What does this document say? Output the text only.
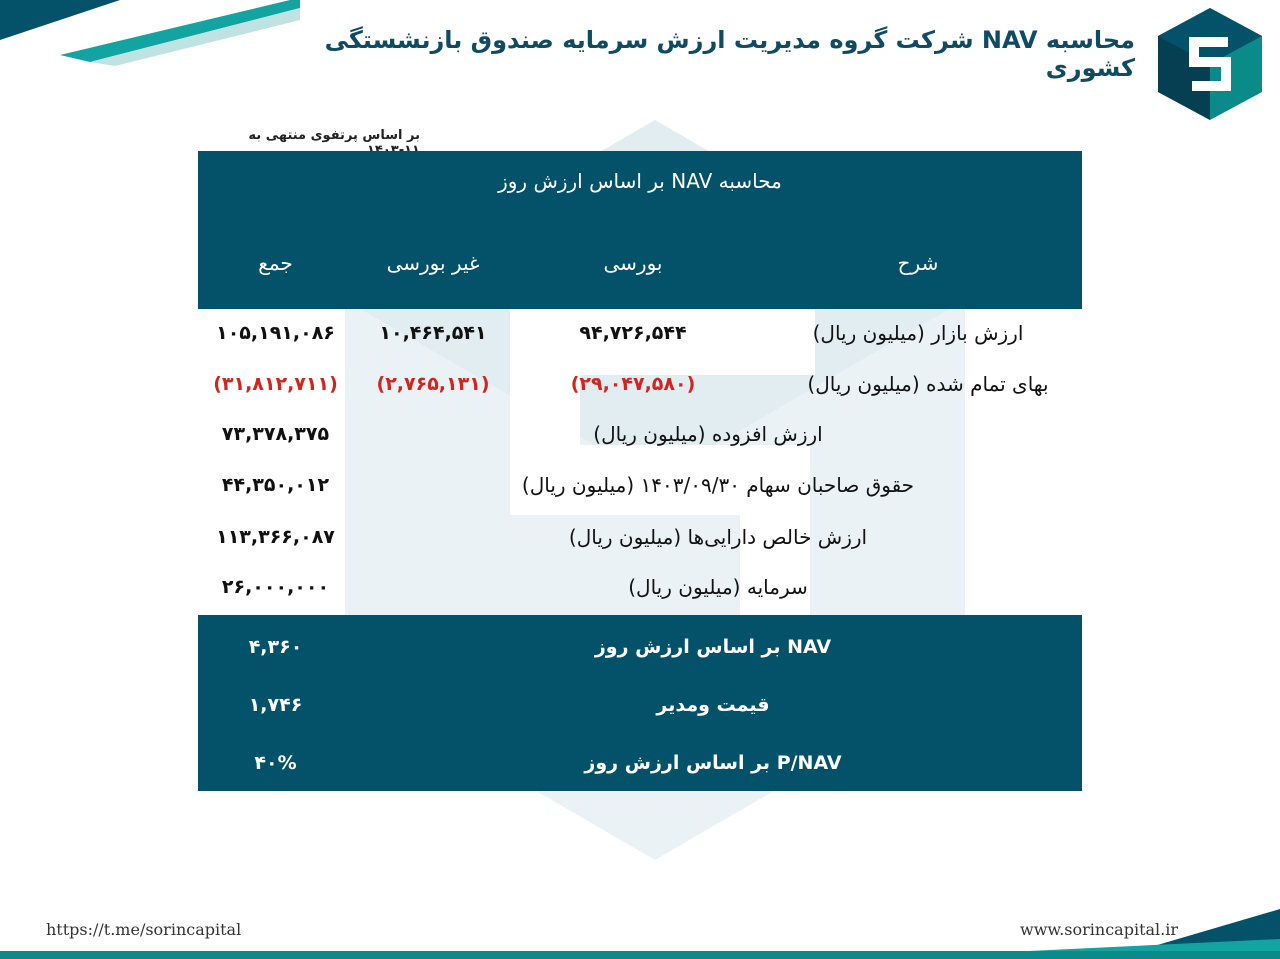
محاسبه NAV شرکت گروه مدیریت ارزش سرمایه صندوق بازنشستگی کشوری
بر اساس پرتفوی منتهی به
محاسبه NAV بر اساس ارزش روز
شرح
بورسی
غیر بورسی
جمع
ارزش بازار (میلیون ریال)
۹۴,۷۲۶,۵۴۴
۱۰,۴۶۴,۵۴۱
۱۰۵,۱۹۱,۰۸۶
بهای تمام شده (میلیون ریال)
(۲۹,۰۴۷,۵۸۰)
(۲,۷۶۵,۱۳۱)
(۳۱,۸۱۲,۷۱۱)
ارزش افزوده (میلیون ریال)
۷۳,۳۷۸,۳۷۵
حقوق صاحبان سهام ۱۴۰۳/۰۹/۳۰ (میلیون ریال)
۴۴,۳۵۰,۰۱۲
ارزش خالص دارایی‌ها (میلیون ریال)
۱۱۳,۳۶۶,۰۸۷
سرمایه (میلیون ریال)
۲۶,۰۰۰,۰۰۰
NAV بر اساس ارزش روز
۴,۳۶۰
قیمت ومدیر
۱,۷۴۶
P/NAV بر اساس ارزش روز
۴۰%
https://t.me/sorincapital	www.sorincapital.ir
